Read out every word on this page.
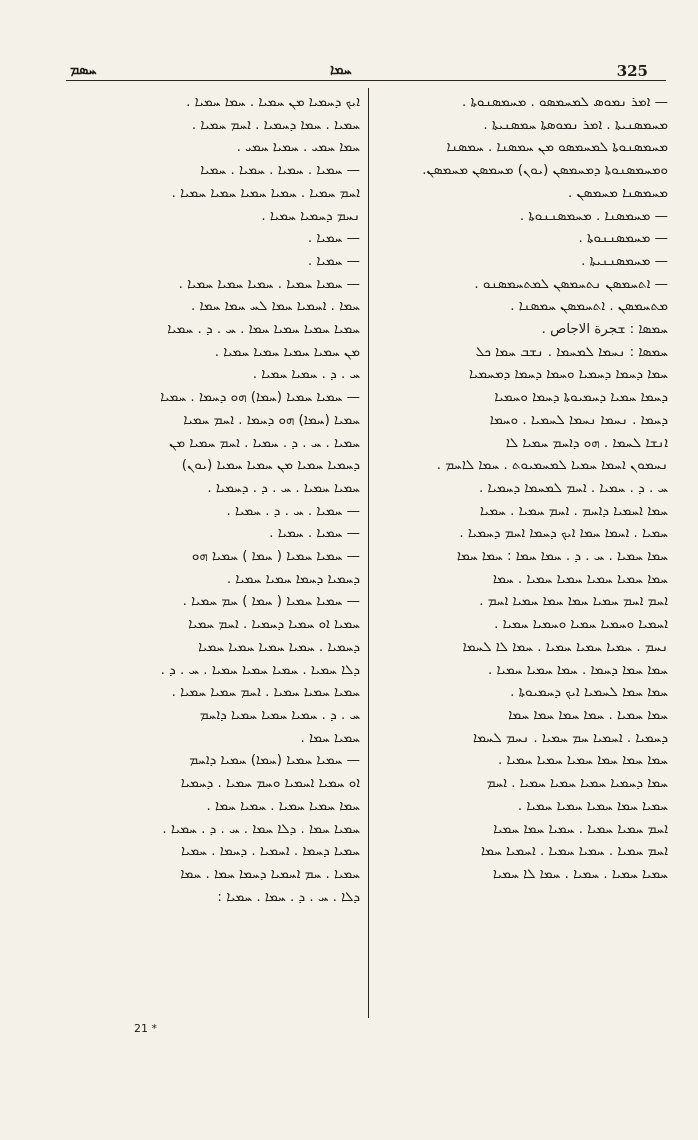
ܚܣܡ	ܚܡܐ	325

— ܐܡܪ ܢܡܘܣ ܠܡܚܡܣܘ . ܡܚܡܣܢܘܬܐ .

ܡܚܡܣܢܝܬܐ . ܐܡܪ ܢܡܘܣܬܐ ܚܡܣܢܝܬܐ .

ܡܚܡܣܢܘܬܐ ܠܡܚܡܣܘ ܡܢ ܚܡܣܢܐ . ܚܡܣܢܐ

ܘܡܚܡܣܢܘܬܐ ܕܡܚܡܣܢ (ܝܘܢ) ܡܚܡܣܢ ܡܚܡܣܢ.

ܡܚܡܣܢܐ ܡܚܡܣܢ .

— ܡܚܡܣܢܐ . ܡܚܡܣܢܢܘܬܐ .

— ܡܚܡܣܢܢܘܬܐ .

— ܡܚܡܣܢܢܝܬܐ .

— ܐܬܚܡܣܢ ܢܬܚܡܣܢ ܠܡܬܚܡܣܢܘ .

ܡܬܚܡܣܢ . ܐܬܚܡܣܢ ܚܡܣܢܐ .

ܚܡܣܐ : ܫجرة الاجاص .

ܚܡܣܐ : ܢܚܡܐ ܠܡܚܡܐ . ܢܫܒ ܚܡܐ ܟܠ

ܚܡܐ ܕܚܡܐ ܕܚܡܝܐ ܘܚܡܐ ܕܚܡܐ ܕܡܚܡܝܐ

ܕܚܡܐ ܚܡܝܐ ܕܚܡܝܘܬܐ ܕܚܡܐ ܘܚܡܝܐ

ܕܚܡܐ . ܢܚܡܐ ܢܚܡܐ ܠܚܡܝܐ . ܘܚܡܐ

ܐܢܫܐ ܠܚܡܐ . ܗܘ ܕܐܚܡ ܚܡܝܐ ܠܐ

ܢܚܡܘܢ ܐܚܡܐ ܚܡܝܐ ܠܡܚܡܝܘܬ . ܚܡܐ ܠܐܚܡ .

ܚ . ܕ . ܚܡܝܐ . ܐܚܡ ܠܡܚܡܐ ܕܚܡܝܐ .

ܚܡܐ ܐܚܡܝܐ ܕܐܚܡ . ܐܚܡ ܚܡܝܐ . ܚܡܝܐ

ܚܡܝܐ . ܐܚܡܐ ܚܡܐ ܐܝܟ ܕܚܡܐ ܐܚܡ ܕܚܡܝܐ .

ܚܡܐ ܚܡܝܐ . ܚ . ܕ . ܚܡܐ ܚܡܐ : ܚܡܐ ܚܡܐ

ܚܡܐ ܚܡܝܐ ܚܡܝܐ ܚܡܝܐ ܚܡܝܐ . ܚܡܐ

ܐܚܡ ܐܚܡ ܚܡܝܐ ܚܡܐ ܚܡܐ ܚܡܝܐ ܐܚܡ .

ܐܚܡܝܐ ܘܚܡܝܐ ܚܡܝܐ ܘܚܡܝܐ ܚܡܝܐ .

ܢܚܡ . ܚܡܝܐ ܚܡܝܐ ܚܡܝܐ . ܚܡܐ ܠܐ ܠܚܡܐ

ܚܡܐ ܚܡܐ ܕܚܡܐ . ܚܡܐ ܚܡܝܐ ܚܡܝܐ .

ܚܡܐ ܚܡܐ ܠܚܡܝܐ ܐܝܟ ܕܚܡܝܘܬܐ .

ܚܡܐ ܚܡܝܐ . ܚܡܐ ܚܡܐ ܚܡܐ ܚܡܐ

ܕܚܡܝܐ . ܐܚܡܝܐ ܚܡ ܚܡܝܐ . ܢܚܡ ܠܚܡܐ

ܚܡܐ ܚܡܐ ܚܡܐ ܚܡܝܐ ܚܡܝܐ ܚܡܝܐ .

ܚܡܐ ܕܚܡܝܐ ܚܡܝܐ ܚܡܝܐ ܚܡܝܐ . ܐܚܡ

ܚܡܝܐ ܚܡܐ ܚܡܝܐ ܚܡܝܐ ܚܡܝܐ .

ܐܚܡ ܚܡܝܐ ܚܡܝܐ . ܚܡܝܐ ܚܡܐ ܚܡܝܐ

ܐܚܡ ܚܡܝܐ . ܚܡܝܐ ܚܡܝܐ . ܐܚܡܝܐ ܚܡܐ

ܚܡܝܐ ܚܡܝܐ . ܚܡܝܐ . ܚܡܐ ܠܐ ܚܡܝܐ

ܐܝܟ ܕܚܡܝܐ ܡܢ ܚܡܝܐ . ܚܡܐ ܚܡܝܐ .

ܚܡܝܐ . ܚܡܐ ܕܚܡܝܐ . ܐܚܡ ܚܡܝܐ .

ܚܡܐ ܚܡܝ . ܚܡܝܐ ܚܡܝ .

— ܚܡܝܐ . ܚܡܝܐ . ܚܡܝܐ . ܚܡܝܐ

ܐܚܡ ܚܡܝܐ . ܚܡܝܐ ܚܡܝܐ ܚܡܝܐ ܚܡܝܐ .

ܢܚܡ ܕܚܡܝܐ ܚܡܝܐ .

— ܚܡܝܐ .

— ܚܡܝܐ .

— ܚܡܝܐ ܚܡܝܐ . ܚܡܝܐ ܚܡܝܐ ܚܡܝܐ .

ܚܡܐ . ܐܚܡܝܐ ܚܡܐ ܠܚ ܚܡܐ ܚܡܐ .

ܚܡܝܐ ܚܡܝܐ ܚܡܝܐ ܚܡܐ . ܚ . ܕ . ܚܡܝܐ

ܡܢ ܚܡܝܐ ܚܡܝܐ ܚܡܝܐ ܚܡܝܐ .

ܚ . ܕ . ܚܡܝܐ ܚܡܝܐ .

— ܚܡܝܐ ܚܡܝܐ (ܚܡܐ) ܗܘ ܕܚܡܐ . ܚܡܝܐ

ܚܡܝܐ (ܚܡܐ) ܗܘ ܕܚܡܐ . ܐܚܡ ܚܡܝܐ

ܚܡܝܐ . ܚ . ܕ . ܚܡܝܐ . ܐܚܡ ܚܡܝܐ ܡܢ

ܕܚܡܝܐ ܚܡܝܐ ܡܢ ܚܡܝܐ ܚܡܝܐ (ܝܘܢ)

ܚܡܝܐ ܚܡܝܐ . ܚ . ܕ . ܕܚܡܝܐ .

— ܚܡܝܐ . ܚ . ܕ . ܚܡܝܐ .

— ܚܡܝܐ . ܚܡܝܐ .

— ܚܡܝܐ ܚܡܝܐ ( ܚܡܐ ) ܚܡܝܐ ܗܘ

ܕܚܡܝܐ ܕܚܡܐ ܚܡܝܐ ܚܡܝܐ .

— ܚܡܝܐ ܚܡܝܐ ( ܚܡܐ ) ܚܡ ܚܡܝܐ .

ܚܡܝܐ ܐܘ ܚܡܝܐ ܕܚܡܝܐ . ܐܚܡ ܚܡܝܐ

ܕܚܡܝܐ . ܚܡܝܐ ܚܡܝܐ ܚܡܝܐ ܚܡܝܐ

ܕܠܐ ܚܡܝܐ . ܚܡܝܐ ܚܡܝܐ ܚܡܝܐ . ܚ . ܕ .

ܚܡܝܐ ܚܡܝܐ ܚܡܝܐ . ܐܚܡ ܚܡܝܐ ܚܡܝܐ .

ܚ . ܕ . ܚܡܝܐ ܚܡܝܐ ܚܡܝܐ ܕܐܚܡ

ܚܡܝܐ ܚܡܐ .

— ܚܡܝܐ ܚܡܝܐ (ܚܡܐ) ܚܡܝܐ ܕܐܚܡ

ܐܘ ܚܡܝܐ ܐܚܡܝܐ ܘܚܡ ܚܡܝܐ . ܕܚܡܝܐ

ܚܡܐ ܚܡܝܐ ܚܡܝܐ . ܚܡܝܐ ܚܡܐ .

ܚܡܝܐ ܚܡܐ . ܕܠܐ ܚܡܐ . ܚ . ܕ . ܚܡܝܐ .

ܚܡܝܐ ܕܚܡܐ . ܐܚܡܝܐ . ܕܚܡܐ . ܚܡܝܐ

ܚܡܝܐ . ܚܡ ܐܚܡܝܐ ܕܚܡܐ ܚܡܐ . ܚܡܐ

ܕܠܐ . ܚ . ܕ . ܚܡܐ . ܚܡܝܐ :

21 *
